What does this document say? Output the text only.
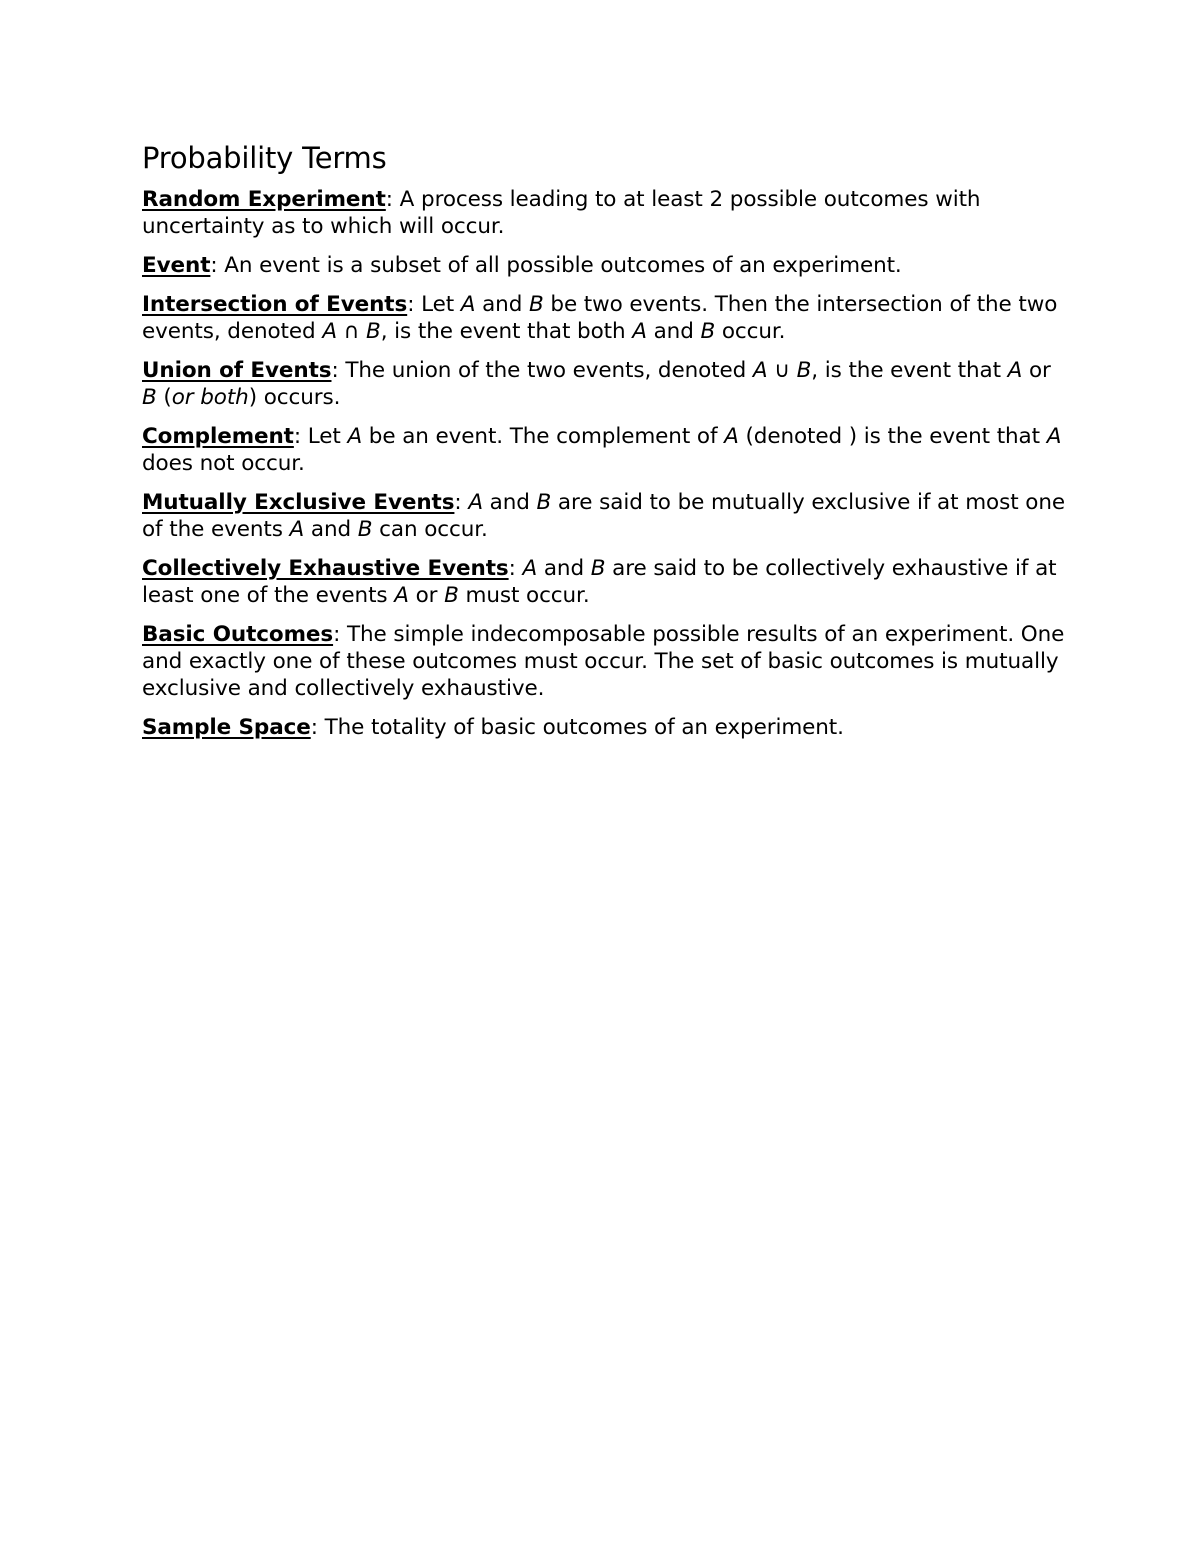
Probability Terms

Random Experiment: A process leading to at least 2 possible outcomes with uncertainty as to which will occur.

Event: An event is a subset of all possible outcomes of an experiment.

Intersection of Events: Let A and B be two events. Then the intersection of the two events, denoted A ∩ B, is the event that both A and B occur.

Union of Events: The union of the two events, denoted A ∪ B, is the event that A or B (or both) occurs.

Complement: Let A be an event. The complement of A (denoted ) is the event that A does not occur.

Mutually Exclusive Events: A and B are said to be mutually exclusive if at most one of the events A and B can occur.

Collectively Exhaustive Events: A and B are said to be collectively exhaustive if at least one of the events A or B must occur.

Basic Outcomes: The simple indecomposable possible results of an experiment. One and exactly one of these outcomes must occur. The set of basic outcomes is mutually exclusive and collectively exhaustive.

Sample Space: The totality of basic outcomes of an experiment.
